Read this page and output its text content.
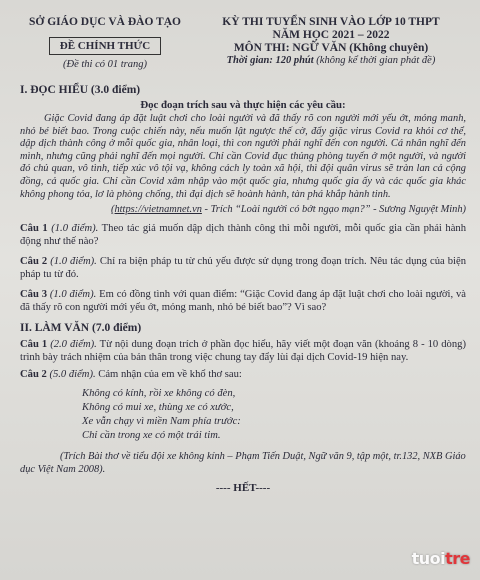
SỞ GIÁO DỤC VÀ ĐÀO TẠO
ĐỀ CHÍNH THỨC
(Đề thi có 01 trang)
KỲ THI TUYỂN SINH VÀO LỚP 10 THPT
NĂM HỌC 2021 – 2022
MÔN THI: NGỮ VĂN (Không chuyên)
Thời gian: 120 phút (không kể thời gian phát đề)
I. ĐỌC HIỂU (3.0 điểm)
Đọc đoạn trích sau và thực hiện các yêu cầu:
Giặc Covid đang áp đặt luật chơi cho loài người và đã thấy rõ con người mới yếu ớt, mỏng manh, nhỏ bé biết bao. Trong cuộc chiến này, nếu muốn lật ngược thế cờ, đẩy giặc virus Covid ra khỏi cơ thể, dập dịch thành công ở mỗi quốc gia, nhân loại, thì con người phải nghĩ đến con người. Cá nhân nghĩ đến mình, nhưng cũng phải nghĩ đến mọi người. Chỉ cần Covid đục thủng phòng tuyến ở một người, và người đó chủ quan, vô tình, tiếp xúc vô tội vạ, không cách ly toàn xã hội, thì đội quân virus sẽ tràn lan cả cộng đồng, cả quốc gia. Chỉ cần Covid xâm nhập vào một quốc gia, nhưng quốc gia ấy và các quốc gia khác không phong tỏa, lơ là phòng chống, thì đại dịch sẽ hoành hành, tàn phá khắp hành tinh.
(https://vietnamnet.vn - Trích “Loài người có bớt ngạo mạn?” - Sương Nguyệt Minh)
Câu 1 (1.0 điểm). Theo tác giả muốn dập dịch thành công thì mỗi người, mỗi quốc gia cần phải hành động như thế nào?
Câu 2 (1.0 điểm). Chỉ ra biện pháp tu từ chủ yếu được sử dụng trong đoạn trích. Nêu tác dụng của biện pháp tu từ đó.
Câu 3 (1.0 điểm). Em có đồng tình với quan điểm: “Giặc Covid đang áp đặt luật chơi cho loài người, và đã thấy rõ con người mới yếu ớt, mỏng manh, nhỏ bé biết bao”? Vì sao?
II. LÀM VĂN (7.0 điểm)
Câu 1 (2.0 điểm). Từ nội dung đoạn trích ở phần đọc hiểu, hãy viết một đoạn văn (khoảng 8 - 10 dòng) trình bày trách nhiệm của bản thân trong việc chung tay đẩy lùi đại dịch Covid-19 hiện nay.
Câu 2 (5.0 điểm). Cảm nhận của em về khổ thơ sau:
Không có kính, rồi xe không có đèn,
Không có mui xe, thùng xe có xước,
Xe vẫn chạy vì miền Nam phía trước:
Chỉ cần trong xe có một trái tim.
(Trích Bài thơ về tiểu đội xe không kính – Phạm Tiến Duật, Ngữ văn 9, tập một, tr.132, NXB Giáo dục Việt Nam 2008).
---- HẾT----
tuoitre
